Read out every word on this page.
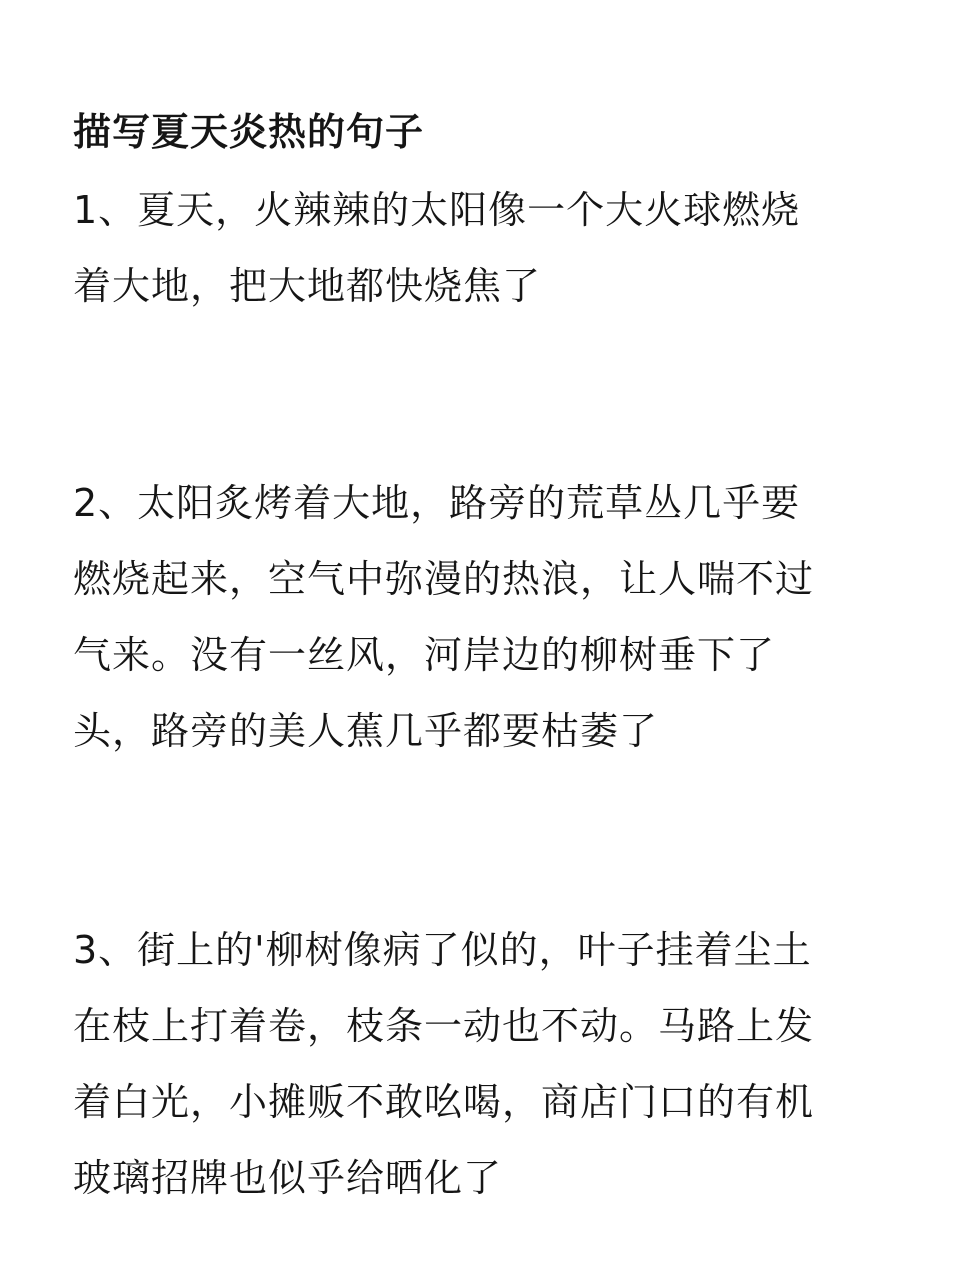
描写夏天炎热的句子

1、夏天，火辣辣的太阳像一个大火球燃烧
着大地，把大地都快烧焦了

2、太阳炙烤着大地，路旁的荒草丛几乎要
燃烧起来，空气中弥漫的热浪，让人喘不过
气来。没有一丝风，河岸边的柳树垂下了
头，路旁的美人蕉几乎都要枯萎了

3、街上的'柳树像病了似的，叶子挂着尘土
在枝上打着卷，枝条一动也不动。马路上发
着白光，小摊贩不敢吆喝，商店门口的有机
玻璃招牌也似乎给晒化了
